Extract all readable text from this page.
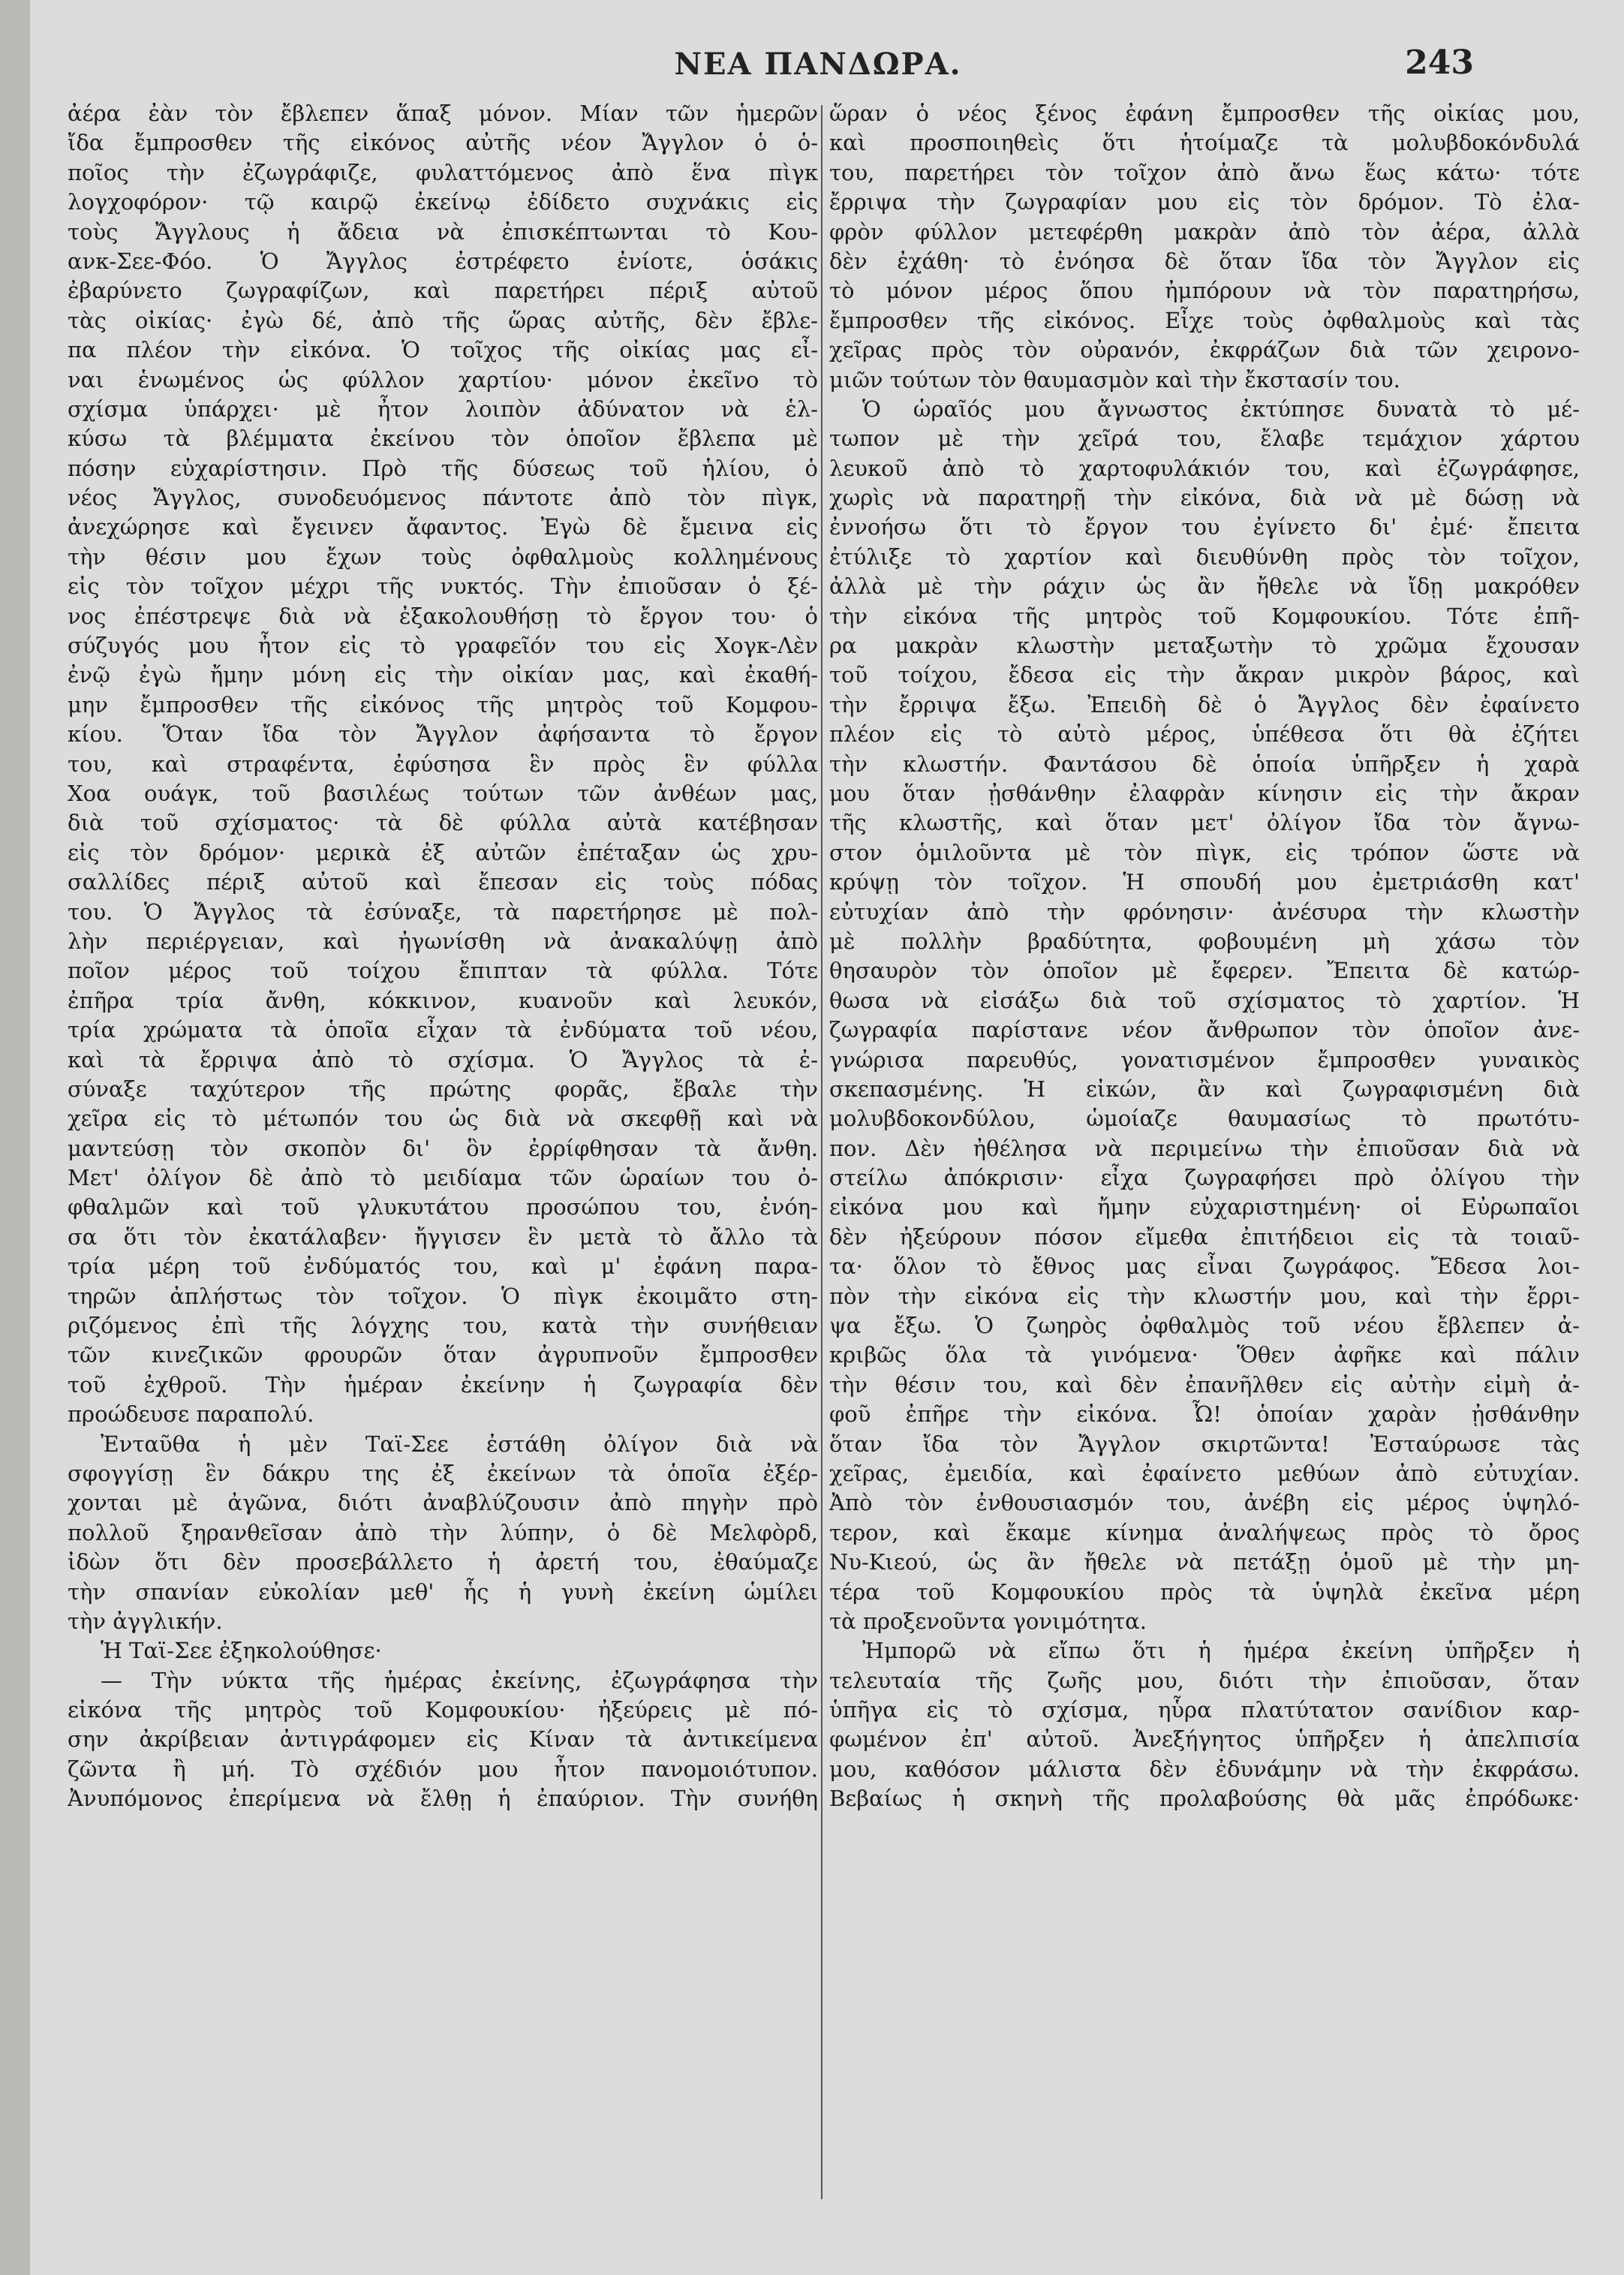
ΝΕΑ ΠΑΝΔΩΡΑ.	243
ἀέρα ἐὰν τὸν ἔβλεπεν ἅπαξ μόνον. Μίαν τῶν ἡμερῶν
ἴδα ἔμπροσθεν τῆς εἰκόνος αὐτῆς νέον Ἄγγλον ὁ ὁ-
ποῖος τὴν ἐζωγράφιζε, φυλαττόμενος ἀπὸ ἕνα πὶγκ
λογχοφόρον· τῷ καιρῷ ἐκείνῳ ἐδίδετο συχνάκις εἰς
τοὺς Ἄγγλους ἡ ἄδεια νὰ ἐπισκέπτωνται τὸ Κου-
ανκ-Σεε-Φόο. Ὁ Ἄγγλος ἐστρέφετο ἐνίοτε, ὁσάκις
ἐβαρύνετο ζωγραφίζων, καὶ παρετήρει πέριξ αὐτοῦ
τὰς οἰκίας· ἐγὼ δέ, ἀπὸ τῆς ὥρας αὐτῆς, δὲν ἔβλε-
πα πλέον τὴν εἰκόνα. Ὁ τοῖχος τῆς οἰκίας μας εἶ-
ναι ἑνωμένος ὡς φύλλον χαρτίου· μόνον ἐκεῖνο τὸ
σχίσμα ὑπάρχει· μὲ ἦτον λοιπὸν ἀδύνατον νὰ ἑλ-
κύσω τὰ βλέμματα ἐκείνου τὸν ὁποῖον ἔβλεπα μὲ
πόσην εὐχαρίστησιν. Πρὸ τῆς δύσεως τοῦ ἡλίου, ὁ
νέος Ἄγγλος, συνοδευόμενος πάντοτε ἀπὸ τὸν πὶγκ,
ἀνεχώρησε καὶ ἔγεινεν ἄφαντος. Ἐγὼ δὲ ἔμεινα εἰς
τὴν θέσιν μου ἔχων τοὺς ὀφθαλμοὺς κολλημένους
εἰς τὸν τοῖχον μέχρι τῆς νυκτός. Τὴν ἐπιοῦσαν ὁ ξέ-
νος ἐπέστρεψε διὰ νὰ ἐξακολουθήσῃ τὸ ἔργον του· ὁ
σύζυγός μου ἦτον εἰς τὸ γραφεῖόν του εἰς Χογκ-Λὲν
ἐνῷ ἐγὼ ἤμην μόνη εἰς τὴν οἰκίαν μας, καὶ ἐκαθή-
μην ἔμπροσθεν τῆς εἰκόνος τῆς μητρὸς τοῦ Κομφου-
κίου. Ὅταν ἴδα τὸν Ἄγγλον ἀφήσαντα τὸ ἔργον
του, καὶ στραφέντα, ἐφύσησα ἓν πρὸς ἓν φύλλα
Χοα ουάγκ, τοῦ βασιλέως τούτων τῶν ἀνθέων μας,
διὰ τοῦ σχίσματος· τὰ δὲ φύλλα αὐτὰ κατέβησαν
εἰς τὸν δρόμον· μερικὰ ἐξ αὐτῶν ἐπέταξαν ὡς χρυ-
σαλλίδες πέριξ αὐτοῦ καὶ ἔπεσαν εἰς τοὺς πόδας
του. Ὁ Ἄγγλος τὰ ἐσύναξε, τὰ παρετήρησε μὲ πολ-
λὴν περιέργειαν, καὶ ἠγωνίσθη νὰ ἀνακαλύψῃ ἀπὸ
ποῖον μέρος τοῦ τοίχου ἔπιπταν τὰ φύλλα. Τότε
ἐπῆρα τρία ἄνθη, κόκκινον, κυανοῦν καὶ λευκόν,
τρία χρώματα τὰ ὁποῖα εἶχαν τὰ ἐνδύματα τοῦ νέου,
καὶ τὰ ἔρριψα ἀπὸ τὸ σχίσμα. Ὁ Ἄγγλος τὰ ἐ-
σύναξε ταχύτερον τῆς πρώτης φορᾶς, ἔβαλε τὴν
χεῖρα εἰς τὸ μέτωπόν του ὡς διὰ νὰ σκεφθῇ καὶ νὰ
μαντεύσῃ τὸν σκοπὸν δι' ὃν ἐρρίφθησαν τὰ ἄνθη.
Μετ' ὀλίγον δὲ ἀπὸ τὸ μειδίαμα τῶν ὡραίων του ὀ-
φθαλμῶν καὶ τοῦ γλυκυτάτου προσώπου του, ἐνόη-
σα ὅτι τὸν ἐκατάλαβεν· ἤγγισεν ἓν μετὰ τὸ ἄλλο τὰ
τρία μέρη τοῦ ἐνδύματός του, καὶ μ' ἐφάνη παρα-
τηρῶν ἀπλήστως τὸν τοῖχον. Ὁ πὶγκ ἐκοιμᾶτο στη-
ριζόμενος ἐπὶ τῆς λόγχης του, κατὰ τὴν συνήθειαν
τῶν κινεζικῶν φρουρῶν ὅταν ἀγρυπνοῦν ἔμπροσθεν
τοῦ ἐχθροῦ. Τὴν ἡμέραν ἐκείνην ἡ ζωγραφία δὲν
προώδευσε παραπολύ.
Ἐνταῦθα ἡ μὲν Ταϊ-Σεε ἐστάθη ὀλίγον διὰ νὰ
σφογγίσῃ ἓν δάκρυ της ἐξ ἐκείνων τὰ ὁποῖα ἐξέρ-
χονται μὲ ἀγῶνα, διότι ἀναβλύζουσιν ἀπὸ πηγὴν πρὸ
πολλοῦ ξηρανθεῖσαν ἀπὸ τὴν λύπην, ὁ δὲ Μελφὸρδ,
ἰδὼν ὅτι δὲν προσεβάλλετο ἡ ἀρετή του, ἐθαύμαζε
τὴν σπανίαν εὐκολίαν μεθ' ἧς ἡ γυνὴ ἐκείνη ὡμίλει
τὴν ἀγγλικήν.
Ἡ Ταϊ-Σεε ἐξηκολούθησε·
— Τὴν νύκτα τῆς ἡμέρας ἐκείνης, ἐζωγράφησα τὴν
εἰκόνα τῆς μητρὸς τοῦ Κομφουκίου· ἠξεύρεις μὲ πό-
σην ἀκρίβειαν ἀντιγράφομεν εἰς Κίναν τὰ ἀντικείμενα
ζῶντα ἢ μή. Τὸ σχέδιόν μου ἦτον πανομοιότυπον.
Ἀνυπόμονος ἐπερίμενα νὰ ἔλθῃ ἡ ἐπαύριον. Τὴν συνήθη
ὥραν ὁ νέος ξένος ἐφάνη ἔμπροσθεν τῆς οἰκίας μου,
καὶ προσποιηθεὶς ὅτι ἡτοίμαζε τὰ μολυβδοκόνδυλά
του, παρετήρει τὸν τοῖχον ἀπὸ ἄνω ἕως κάτω· τότε
ἔρριψα τὴν ζωγραφίαν μου εἰς τὸν δρόμον. Τὸ ἐλα-
φρὸν φύλλον μετεφέρθη μακρὰν ἀπὸ τὸν ἀέρα, ἀλλὰ
δὲν ἐχάθη· τὸ ἐνόησα δὲ ὅταν ἴδα τὸν Ἄγγλον εἰς
τὸ μόνον μέρος ὅπου ἠμπόρουν νὰ τὸν παρατηρήσω,
ἔμπροσθεν τῆς εἰκόνος. Εἶχε τοὺς ὀφθαλμοὺς καὶ τὰς
χεῖρας πρὸς τὸν οὐρανόν, ἐκφράζων διὰ τῶν χειρονο-
μιῶν τούτων τὸν θαυμασμὸν καὶ τὴν ἔκστασίν του.
Ὁ ὡραῖός μου ἄγνωστος ἐκτύπησε δυνατὰ τὸ μέ-
τωπον μὲ τὴν χεῖρά του, ἔλαβε τεμάχιον χάρτου
λευκοῦ ἀπὸ τὸ χαρτοφυλάκιόν του, καὶ ἐζωγράφησε,
χωρὶς νὰ παρατηρῇ τὴν εἰκόνα, διὰ νὰ μὲ δώσῃ νὰ
ἐννοήσω ὅτι τὸ ἔργον του ἐγίνετο δι' ἐμέ· ἔπειτα
ἐτύλιξε τὸ χαρτίον καὶ διευθύνθη πρὸς τὸν τοῖχον,
ἀλλὰ μὲ τὴν ράχιν ὡς ἂν ἤθελε νὰ ἴδῃ μακρόθεν
τὴν εἰκόνα τῆς μητρὸς τοῦ Κομφουκίου. Τότε ἐπῆ-
ρα μακρὰν κλωστὴν μεταξωτὴν τὸ χρῶμα ἔχουσαν
τοῦ τοίχου, ἔδεσα εἰς τὴν ἄκραν μικρὸν βάρος, καὶ
τὴν ἔρριψα ἔξω. Ἐπειδὴ δὲ ὁ Ἄγγλος δὲν ἐφαίνετο
πλέον εἰς τὸ αὐτὸ μέρος, ὑπέθεσα ὅτι θὰ ἐζήτει
τὴν κλωστήν. Φαντάσου δὲ ὁποία ὑπῆρξεν ἡ χαρὰ
μου ὅταν ᾐσθάνθην ἐλαφρὰν κίνησιν εἰς τὴν ἄκραν
τῆς κλωστῆς, καὶ ὅταν μετ' ὀλίγον ἴδα τὸν ἄγνω-
στον ὁμιλοῦντα μὲ τὸν πὶγκ, εἰς τρόπον ὥστε νὰ
κρύψῃ τὸν τοῖχον. Ἡ σπουδή μου ἐμετριάσθη κατ'
εὐτυχίαν ἀπὸ τὴν φρόνησιν· ἀνέσυρα τὴν κλωστὴν
μὲ πολλὴν βραδύτητα, φοβουμένη μὴ χάσω τὸν
θησαυρὸν τὸν ὁποῖον μὲ ἔφερεν. Ἔπειτα δὲ κατώρ-
θωσα νὰ εἰσάξω διὰ τοῦ σχίσματος τὸ χαρτίον. Ἡ
ζωγραφία παρίστανε νέον ἄνθρωπον τὸν ὁποῖον ἀνε-
γνώρισα παρευθύς, γονατισμένον ἔμπροσθεν γυναικὸς
σκεπασμένης. Ἡ εἰκών, ἂν καὶ ζωγραφισμένη διὰ
μολυβδοκονδύλου, ὡμοίαζε θαυμασίως τὸ πρωτότυ-
πον. Δὲν ἠθέλησα νὰ περιμείνω τὴν ἐπιοῦσαν διὰ νὰ
στείλω ἀπόκρισιν· εἶχα ζωγραφήσει πρὸ ὀλίγου τὴν
εἰκόνα μου καὶ ἤμην εὐχαριστημένη· οἱ Εὐρωπαῖοι
δὲν ἠξεύρουν πόσον εἴμεθα ἐπιτήδειοι εἰς τὰ τοιαῦ-
τα· ὅλον τὸ ἔθνος μας εἶναι ζωγράφος. Ἔδεσα λοι-
πὸν τὴν εἰκόνα εἰς τὴν κλωστήν μου, καὶ τὴν ἔρρι-
ψα ἔξω. Ὁ ζωηρὸς ὀφθαλμὸς τοῦ νέου ἔβλεπεν ἀ-
κριβῶς ὅλα τὰ γινόμενα· Ὅθεν ἀφῆκε καὶ πάλιν
τὴν θέσιν του, καὶ δὲν ἐπανῆλθεν εἰς αὐτὴν εἰμὴ ἀ-
φοῦ ἐπῆρε τὴν εἰκόνα. Ὦ! ὁποίαν χαρὰν ᾐσθάνθην
ὅταν ἴδα τὸν Ἄγγλον σκιρτῶντα! Ἐσταύρωσε τὰς
χεῖρας, ἐμειδία, καὶ ἐφαίνετο μεθύων ἀπὸ εὐτυχίαν.
Ἀπὸ τὸν ἐνθουσιασμόν του, ἀνέβη εἰς μέρος ὑψηλό-
τερον, καὶ ἔκαμε κίνημα ἀναλήψεως πρὸς τὸ ὄρος
Νυ-Κιεού, ὡς ἂν ἤθελε νὰ πετάξῃ ὁμοῦ μὲ τὴν μη-
τέρα τοῦ Κομφουκίου πρὸς τὰ ὑψηλὰ ἐκεῖνα μέρη
τὰ προξενοῦντα γονιμότητα.
Ἠμπορῶ νὰ εἴπω ὅτι ἡ ἡμέρα ἐκείνη ὑπῆρξεν ἡ
τελευταία τῆς ζωῆς μου, διότι τὴν ἐπιοῦσαν, ὅταν
ὑπῆγα εἰς τὸ σχίσμα, ηὗρα πλατύτατον σανίδιον καρ-
φωμένον ἐπ' αὐτοῦ. Ἀνεξήγητος ὑπῆρξεν ἡ ἀπελπισία
μου, καθόσον μάλιστα δὲν ἐδυνάμην νὰ τὴν ἐκφράσω.
Βεβαίως ἡ σκηνὴ τῆς προλαβούσης θὰ μᾶς ἐπρόδωκε·
